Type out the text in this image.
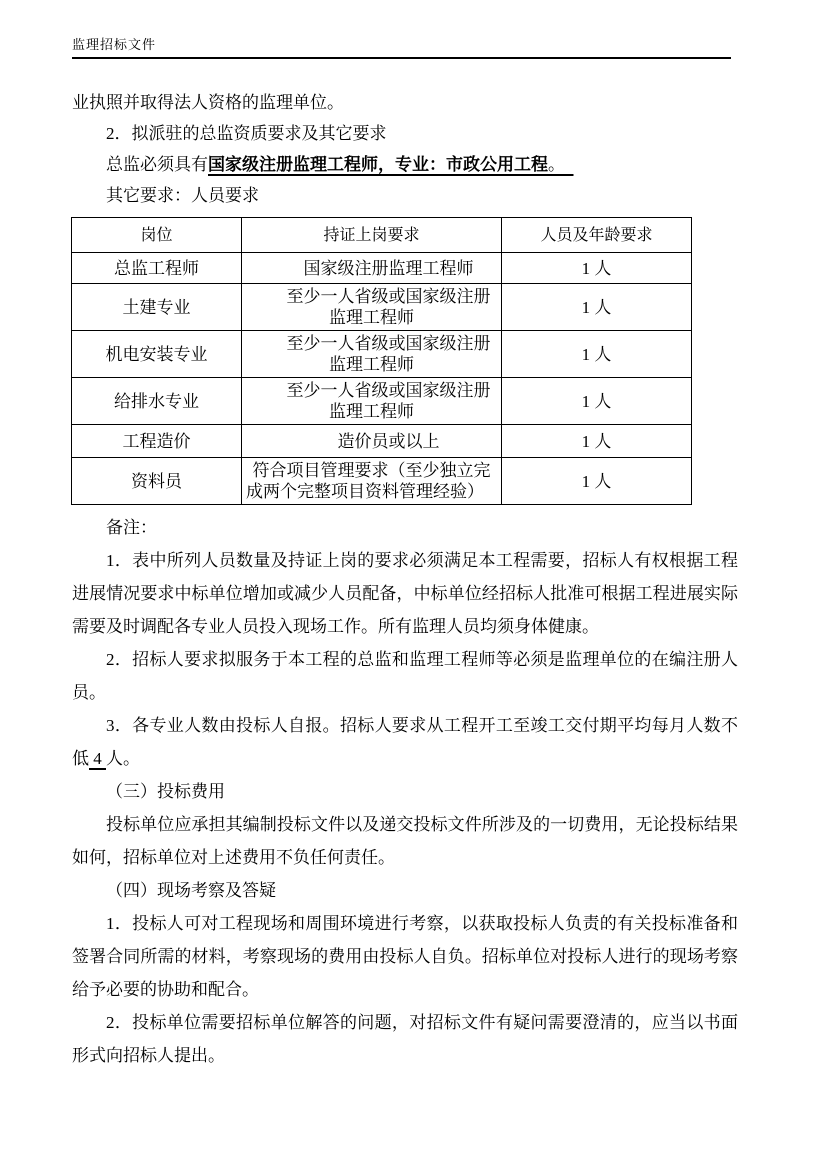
监理招标文件

业执照并取得法人资格的监理单位。

2．拟派驻的总监资质要求及其它要求

总监必须具有国家级注册监理工程师，专业：市政公用工程。

其它要求：人员要求

岗位	持证上岗要求	人员及年龄要求
总监工程师	国家级注册监理工程师	1 人
土建专业	至少一人省级或国家级注册监理工程师	1 人
机电安装专业	至少一人省级或国家级注册监理工程师	1 人
给排水专业	至少一人省级或国家级注册监理工程师	1 人
工程造价	造价员或以上	1 人
资料员	符合项目管理要求（至少独立完成两个完整项目资料管理经验）	1 人

备注：

1．表中所列人员数量及持证上岗的要求必须满足本工程需要，招标人有权根据工程进展情况要求中标单位增加或减少人员配备，中标单位经招标人批准可根据工程进展实际需要及时调配各专业人员投入现场工作。所有监理人员均须身体健康。

2．招标人要求拟服务于本工程的总监和监理工程师等必须是监理单位的在编注册人员。

3．各专业人数由投标人自报。招标人要求从工程开工至竣工交付期平均每月人数不低 4 人。

（三）投标费用

投标单位应承担其编制投标文件以及递交投标文件所涉及的一切费用，无论投标结果如何，招标单位对上述费用不负任何责任。

（四）现场考察及答疑

1．投标人可对工程现场和周围环境进行考察，以获取投标人负责的有关投标准备和签署合同所需的材料，考察现场的费用由投标人自负。招标单位对投标人进行的现场考察给予必要的协助和配合。

2．投标单位需要招标单位解答的问题，对招标文件有疑问需要澄清的，应当以书面形式向招标人提出。
